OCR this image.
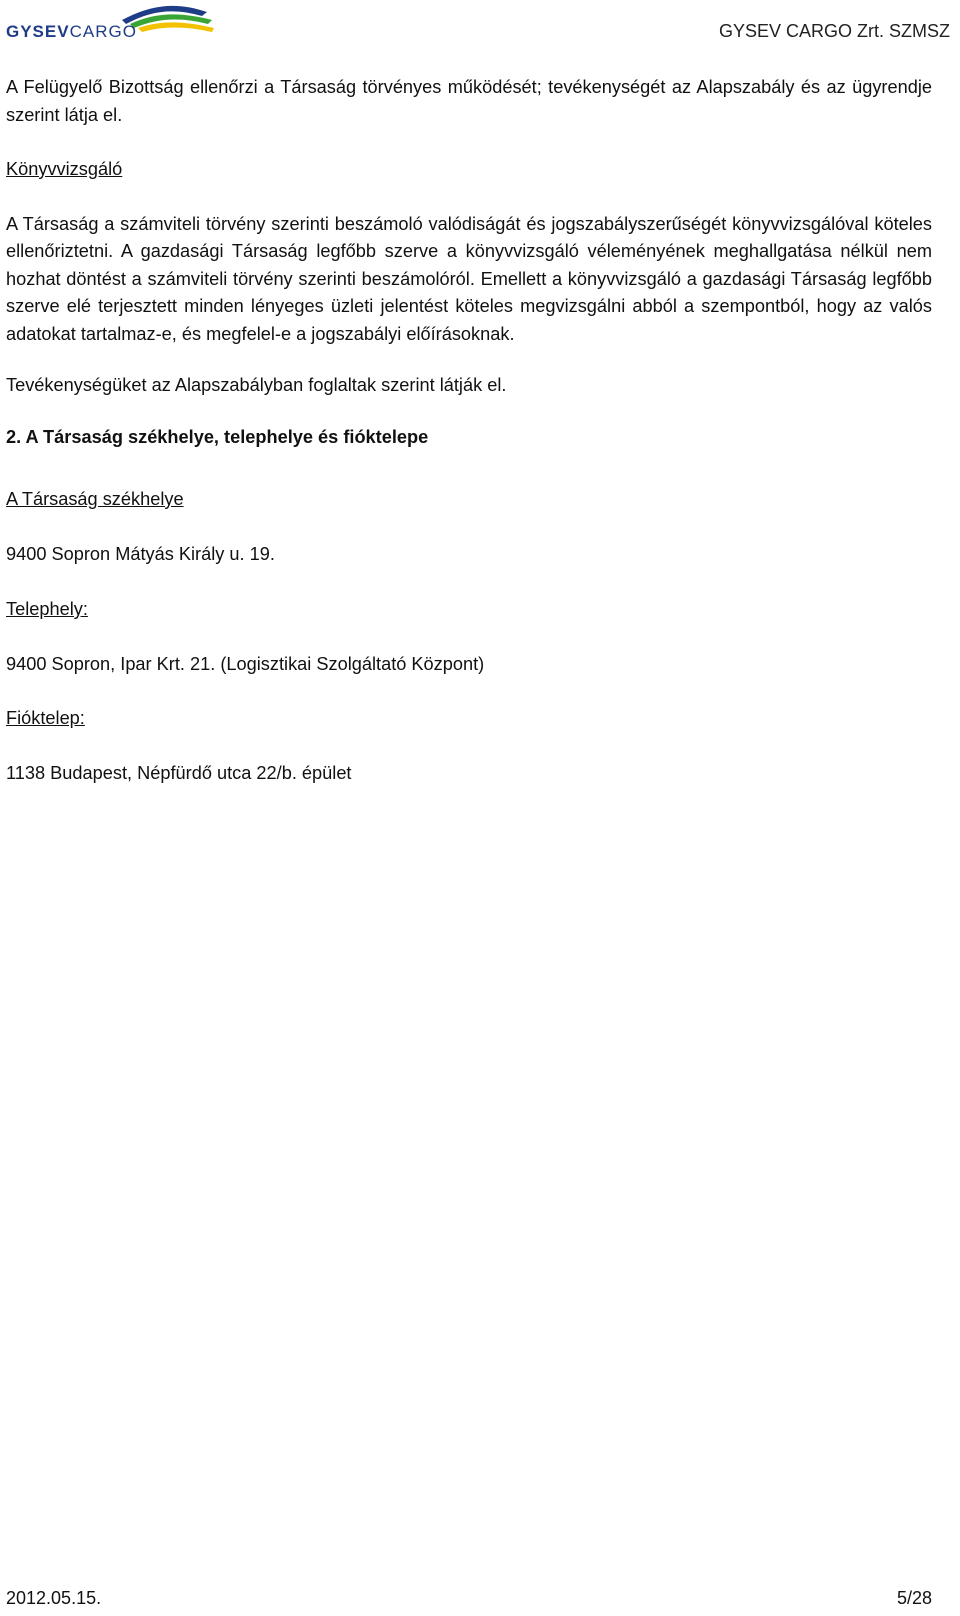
GYSEVCARGO	GYSEV CARGO Zrt. SZMSZ

A Felügyelő Bizottság ellenőrzi a Társaság törvényes működését; tevékenységét az Alapszabály és az ügyrendje szerint látja el.

Könyvvizsgáló

A Társaság a számviteli törvény szerinti beszámoló valódiságát és jogszabályszerűségét könyvvizsgálóval köteles ellenőriztetni. A gazdasági Társaság legfőbb szerve a könyvvizsgáló véleményének meghallgatása nélkül nem hozhat döntést a számviteli törvény szerinti beszámolóról. Emellett a könyvvizsgáló a gazdasági Társaság legfőbb szerve elé terjesztett minden lényeges üzleti jelentést köteles megvizsgálni abból a szempontból, hogy az valós adatokat tartalmaz-e, és megfelel-e a jogszabályi előírásoknak.

Tevékenységüket az Alapszabályban foglaltak szerint látják el.

2. A Társaság székhelye, telephelye és fióktelepe

A Társaság székhelye

9400 Sopron Mátyás Király u. 19.

Telephely:

9400 Sopron, Ipar Krt. 21. (Logisztikai Szolgáltató Központ)

Fióktelep:

1138 Budapest, Népfürdő utca 22/b. épület

2012.05.15.	5/28
